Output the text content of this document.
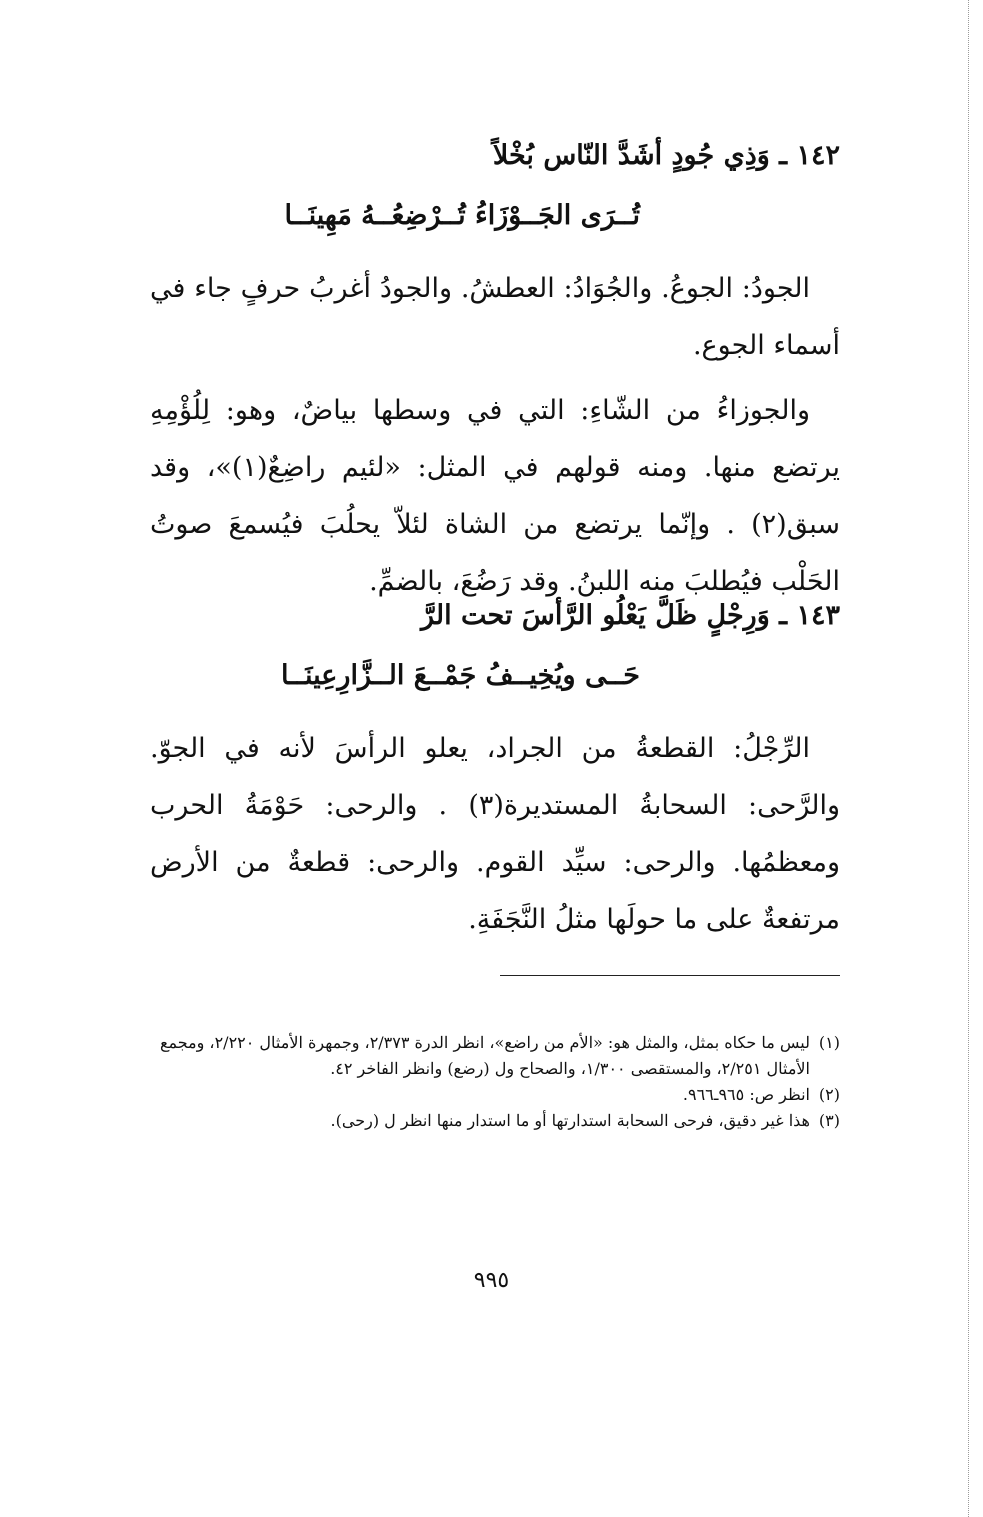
١٤٢ ـ وَذِي جُودٍ أشَدَّ النّاس بُخْلاً
تُــرَى الجَــوْزَاءُ تُــرْضِعُــهُ مَهِينَــا
الجودُ: الجوعُ. والجُوَادُ: العطشُ. والجودُ أغربُ حرفٍ جاء في أسماء الجوع.
والجوزاءُ من الشّاءِ: التي في وسطها بياضٌ، وهو: لِلُؤْمِهِ يرتضع منها. ومنه قولهم في المثل: «لئيم راضِعٌ(١)»، وقد سبق(٢) . وإنّما يرتضع من الشاة لئلاّ يحلُبَ فيُسمعَ صوتُ الحَلْب فيُطلبَ منه اللبنُ. وقد رَضُعَ، بالضمِّ.
١٤٣ ـ وَرِجْلٍ ظَلَّ يَعْلُو الرَّأسَ تحت الرَّ
حَــى ويُخِيــفُ جَمْــعَ الــزَّارِعِينَــا
الرِّجْلُ: القطعةُ من الجراد، يعلو الرأسَ لأنه في الجوّ. والرَّحى: السحابةُ المستديرة(٣) . والرحى: حَوْمَةُ الحرب ومعظمُها. والرحى: سيِّد القوم. والرحى: قطعةٌ من الأرض مرتفعةٌ على ما حولَها مثلُ النَّجَفَةِ.
(١)
ليس ما حكاه بمثل، والمثل هو: «الأم من راضع»، انظر الدرة ٢/٣٧٣، وجمهرة الأمثال ٢/٢٢٠، ومجمع الأمثال ٢/٢٥١، والمستقصى ١/٣٠٠، والصحاح ول (رضع) وانظر الفاخر ٤٢.
(٢)
انظر ص: ٩٦٥ـ٩٦٦.
(٣)
هذا غير دقيق، فرحى السحابة استدارتها أو ما استدار منها انظر ل (رحى).
٩٩٥
